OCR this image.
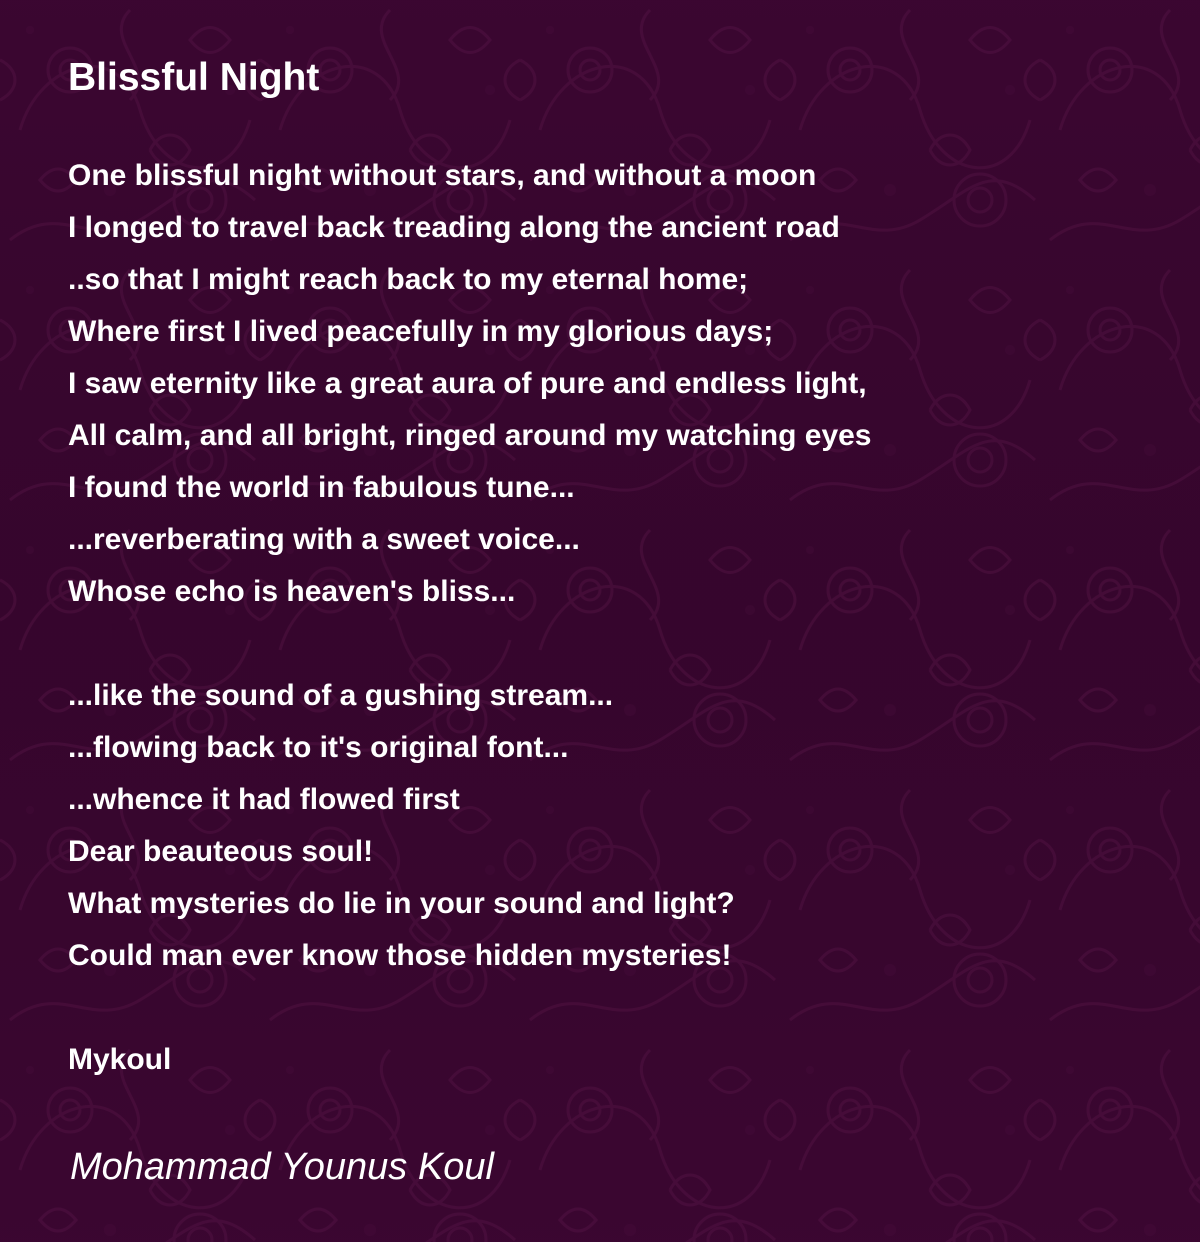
Blissful Night
One blissful night without stars, and without a moon
I longed to travel back treading along the ancient road
..so that I might reach back to my eternal home;
Where first I lived peacefully in my glorious days;
I saw eternity like a great aura of pure and endless light,
All calm, and all bright, ringed around my watching eyes
I found the world in fabulous tune...
...reverberating with a sweet voice...
Whose echo is heaven's bliss...
...like the sound of a gushing stream...
...flowing back to it's original font...
...whence it had flowed first
Dear beauteous soul!
What mysteries do lie in your sound and light?
Could man ever know those hidden mysteries!
Mykoul
Mohammad Younus Koul
